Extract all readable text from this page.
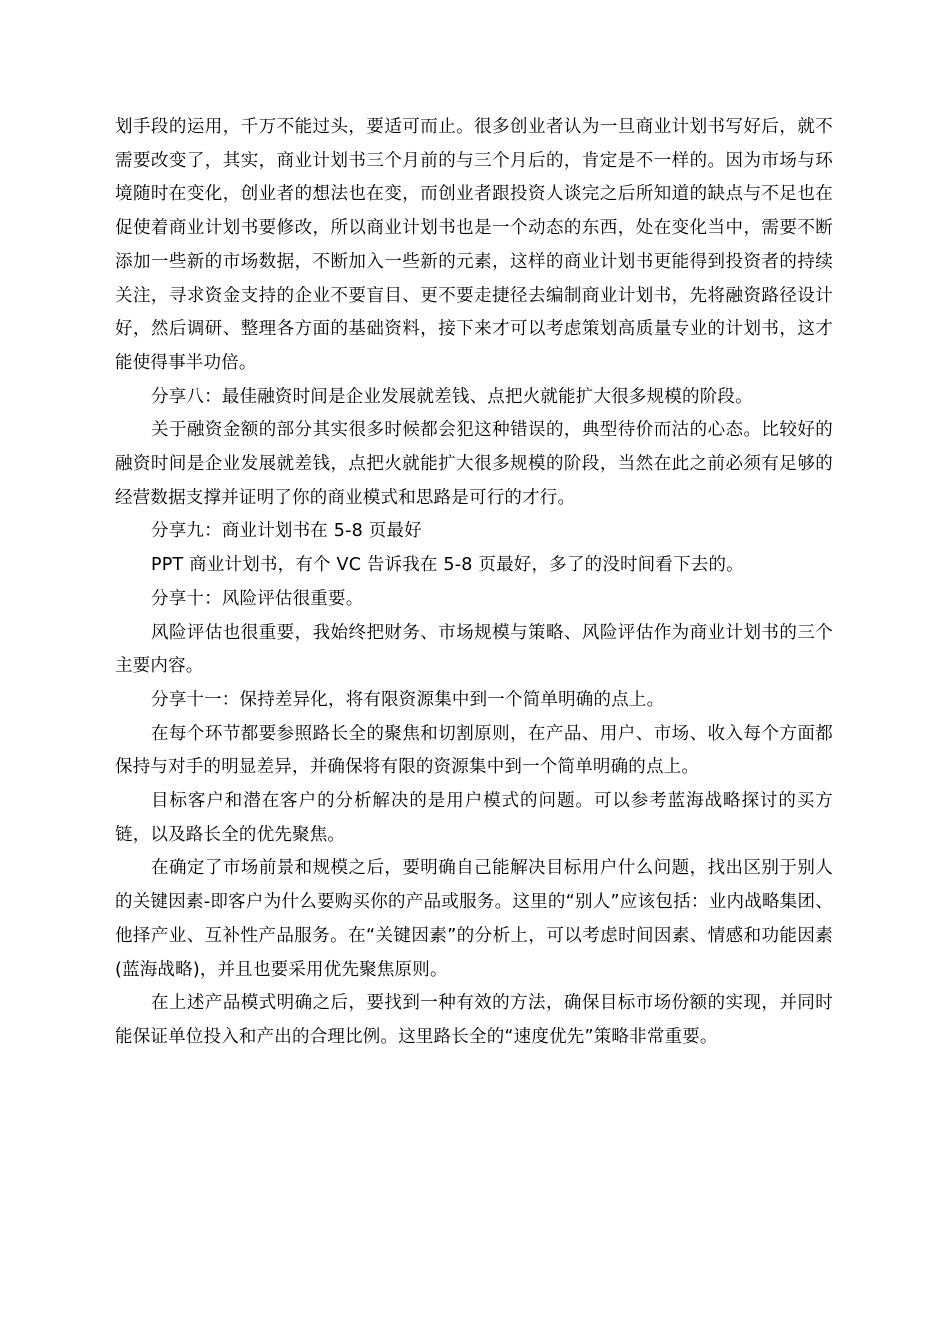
划手段的运用，千万不能过头，要适可而止。很多创业者认为一旦商业计划书写好后，就不需要改变了，其实，商业计划书三个月前的与三个月后的，肯定是不一样的。因为市场与环境随时在变化，创业者的想法也在变，而创业者跟投资人谈完之后所知道的缺点与不足也在促使着商业计划书要修改，所以商业计划书也是一个动态的东西，处在变化当中，需要不断添加一些新的市场数据，不断加入一些新的元素，这样的商业计划书更能得到投资者的持续关注，寻求资金支持的企业不要盲目、更不要走捷径去编制商业计划书，先将融资路径设计好，然后调研、整理各方面的基础资料，接下来才可以考虑策划高质量专业的计划书，这才能使得事半功倍。

分享八：最佳融资时间是企业发展就差钱、点把火就能扩大很多规模的阶段。

关于融资金额的部分其实很多时候都会犯这种错误的，典型待价而沽的心态。比较好的融资时间是企业发展就差钱，点把火就能扩大很多规模的阶段，当然在此之前必须有足够的经营数据支撑并证明了你的商业模式和思路是可行的才行。

分享九：商业计划书在 5-8 页最好

PPT 商业计划书，有个 VC 告诉我在 5-8 页最好，多了的没时间看下去的。

分享十：风险评估很重要。

风险评估也很重要，我始终把财务、市场规模与策略、风险评估作为商业计划书的三个主要内容。

分享十一：保持差异化，将有限资源集中到一个简单明确的点上。

在每个环节都要参照路长全的聚焦和切割原则，在产品、用户、市场、收入每个方面都保持与对手的明显差异，并确保将有限的资源集中到一个简单明确的点上。

目标客户和潜在客户的分析解决的是用户模式的问题。可以参考蓝海战略探讨的买方链，以及路长全的优先聚焦。

在确定了市场前景和规模之后，要明确自己能解决目标用户什么问题，找出区别于别人的关键因素-即客户为什么要购买你的产品或服务。这里的“别人”应该包括：业内战略集团、他择产业、互补性产品服务。在“关键因素”的分析上，可以考虑时间因素、情感和功能因素(蓝海战略)，并且也要采用优先聚焦原则。

在上述产品模式明确之后，要找到一种有效的方法，确保目标市场份额的实现，并同时能保证单位投入和产出的合理比例。这里路长全的“速度优先”策略非常重要。
